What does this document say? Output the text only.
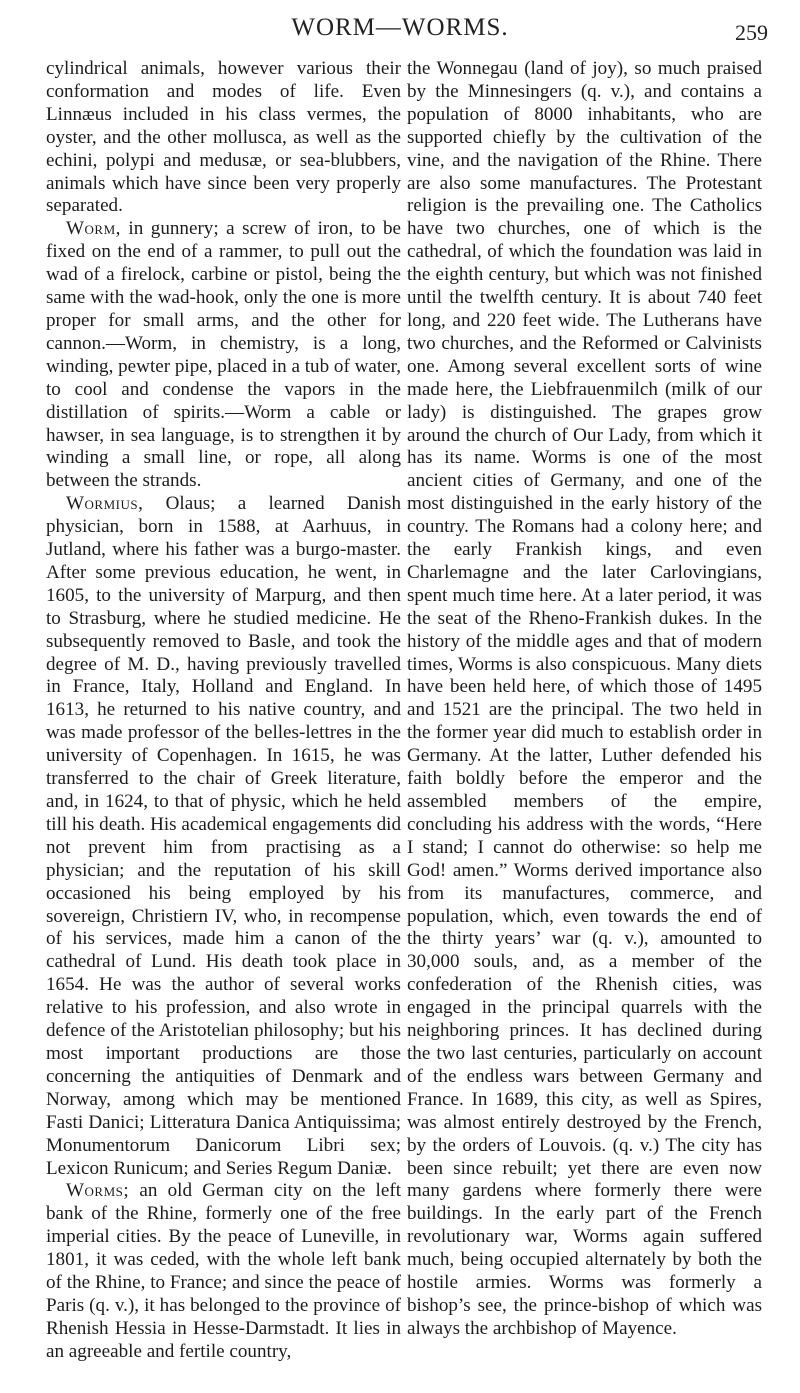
WORM—WORMS.	259

cylindrical animals, however various their conformation and modes of life. Even Linnæus included in his class vermes, the oyster, and the other mollusca, as well as the echini, polypi and medusæ, or sea-blubbers, animals which have since been very properly separated.

Worm, in gunnery; a screw of iron, to be fixed on the end of a rammer, to pull out the wad of a firelock, carbine or pistol, being the same with the wad-hook, only the one is more proper for small arms, and the other for cannon.—Worm, in chemistry, is a long, winding, pewter pipe, placed in a tub of water, to cool and condense the vapors in the distillation of spirits.—Worm a cable or hawser, in sea language, is to strengthen it by winding a small line, or rope, all along between the strands.

Wormius, Olaus; a learned Danish physician, born in 1588, at Aarhuus, in Jutland, where his father was a burgo-master. After some previous education, he went, in 1605, to the university of Marpurg, and then to Strasburg, where he studied medicine. He subsequently removed to Basle, and took the degree of M. D., having previously travelled in France, Italy, Holland and England. In 1613, he returned to his native country, and was made professor of the belles-lettres in the university of Copenhagen. In 1615, he was transferred to the chair of Greek literature, and, in 1624, to that of physic, which he held till his death. His academical engagements did not prevent him from practising as a physician; and the reputation of his skill occasioned his being employed by his sovereign, Christiern IV, who, in recompense of his services, made him a canon of the cathedral of Lund. His death took place in 1654. He was the author of several works relative to his profession, and also wrote in defence of the Aristotelian philosophy; but his most important productions are those concerning the antiquities of Denmark and Norway, among which may be mentioned Fasti Danici; Litteratura Danica Antiquissima; Monumentorum Danicorum Libri sex; Lexicon Runicum; and Series Regum Daniæ.

Worms; an old German city on the left bank of the Rhine, formerly one of the free imperial cities. By the peace of Luneville, in 1801, it was ceded, with the whole left bank of the Rhine, to France; and since the peace of Paris (q. v.), it has belonged to the province of Rhenish Hessia in Hesse-Darmstadt. It lies in an agreeable and fertile country,

the Wonnegau (land of joy), so much praised by the Minnesingers (q. v.), and contains a population of 8000 inhabitants, who are supported chiefly by the cultivation of the vine, and the navigation of the Rhine. There are also some manufactures. The Protestant religion is the prevailing one. The Catholics have two churches, one of which is the cathedral, of which the foundation was laid in the eighth century, but which was not finished until the twelfth century. It is about 740 feet long, and 220 feet wide. The Lutherans have two churches, and the Reformed or Calvinists one. Among several excellent sorts of wine made here, the Liebfrauenmilch (milk of our lady) is distinguished. The grapes grow around the church of Our Lady, from which it has its name. Worms is one of the most ancient cities of Germany, and one of the most distinguished in the early history of the country. The Romans had a colony here; and the early Frankish kings, and even Charlemagne and the later Carlovingians, spent much time here. At a later period, it was the seat of the Rheno-Frankish dukes. In the history of the middle ages and that of modern times, Worms is also conspicuous. Many diets have been held here, of which those of 1495 and 1521 are the principal. The two held in the former year did much to establish order in Germany. At the latter, Luther defended his faith boldly before the emperor and the assembled members of the empire, concluding his address with the words, “Here I stand; I cannot do otherwise: so help me God! amen.” Worms derived importance also from its manufactures, commerce, and population, which, even towards the end of the thirty years’ war (q. v.), amounted to 30,000 souls, and, as a member of the confederation of the Rhenish cities, was engaged in the principal quarrels with the neighboring princes. It has declined during the two last centuries, particularly on account of the endless wars between Germany and France. In 1689, this city, as well as Spires, was almost entirely destroyed by the French, by the orders of Louvois. (q. v.) The city has been since rebuilt; yet there are even now many gardens where formerly there were buildings. In the early part of the French revolutionary war, Worms again suffered much, being occupied alternately by both the hostile armies. Worms was formerly a bishop’s see, the prince-bishop of which was always the archbishop of Mayence.
